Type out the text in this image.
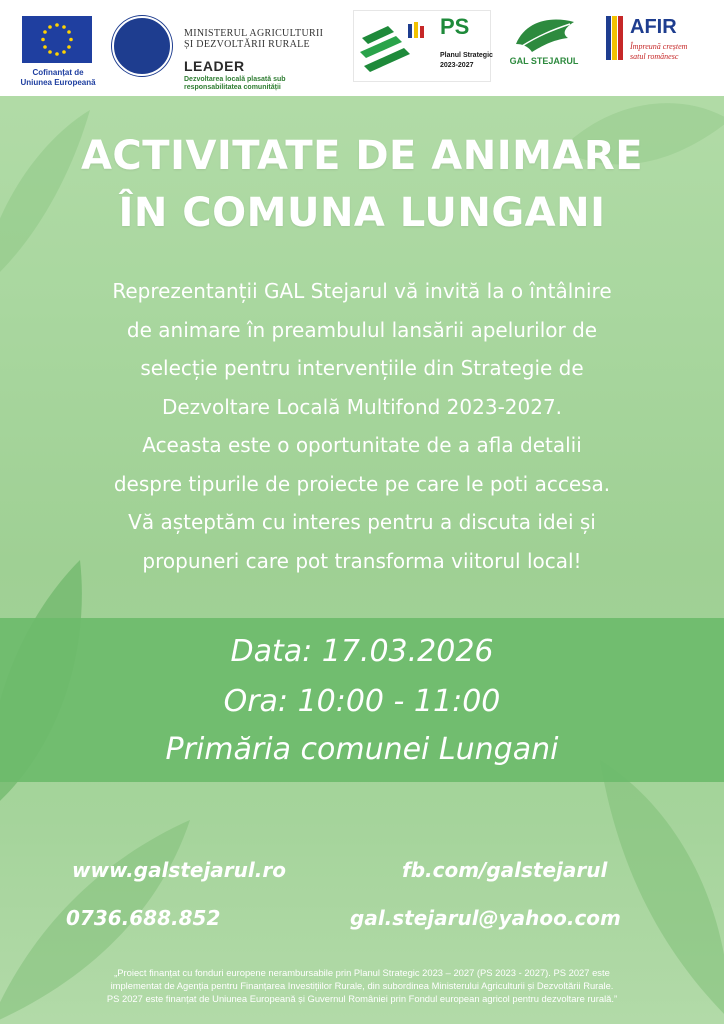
Cofinanțat de
Uniunea Europeană
MINISTERUL AGRICULTURII
ȘI DEZVOLTĂRII RURALE
LEADER
Dezvoltarea locală plasată sub
responsabilitatea comunității
PS
Planul Strategic
2023-2027	GAL STEJARUL
AFIR
Împreună creștem
satul românesc
ACTIVITATE DE ANIMARE
ÎN COMUNA LUNGANI
Reprezentanții GAL Stejarul vă invită la o întâlnire
de animare în preambulul lansării apelurilor de
selecție pentru intervențiile din Strategie de
Dezvoltare Locală Multifond 2023-2027.
Aceasta este o oportunitate de a afla detalii
despre tipurile de proiecte pe care le poti accesa.
Vă așteptăm cu interes pentru a discuta idei și
propuneri care pot transforma viitorul local!
Data: 17.03.2026
Ora: 10:00 - 11:00
Primăria comunei Lungani
www.galstejarul.ro	fb.com/galstejarul
0736.688.852	gal.stejarul@yahoo.com
„Proiect finanțat cu fonduri europene nerambursabile prin Planul Strategic 2023 – 2027 (PS 2023 - 2027). PS 2027 este
implementat de Agenția pentru Finanțarea Investițiilor Rurale, din subordinea Ministerului Agriculturii și Dezvoltării Rurale.
PS 2027 este finanțat de Uniunea Europeană și Guvernul României prin Fondul european agricol pentru dezvoltare rurală.”
